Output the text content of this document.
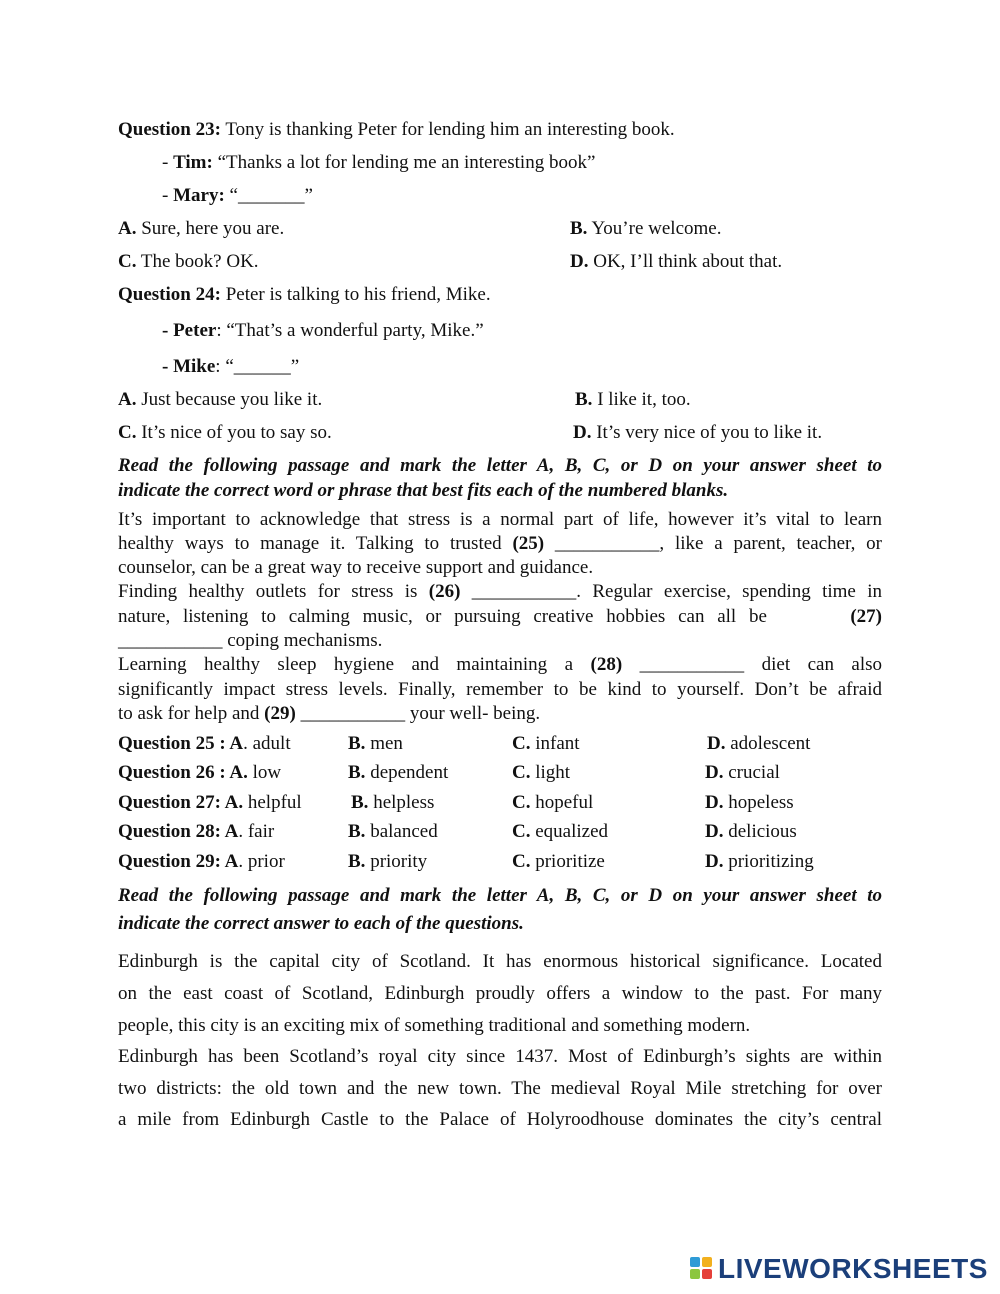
Question 23: Tony is thanking Peter for lending him an interesting book.
- Tim: “Thanks a lot for lending me an interesting book”
- Mary: “_______”
A. Sure, here you are.	B. You’re welcome.
C. The book? OK.	D. OK, I’ll think about that.
Question 24: Peter is talking to his friend, Mike.
- Peter: “That’s a wonderful party, Mike.”
- Mike: “______”
A. Just because you like it.	B. I like it, too.
C. It’s nice of you to say so.	D. It’s very nice of you to like it.
Read the following passage and mark the letter A, B, C, or D on your answer sheet to
indicate the correct word or phrase that best fits each of the numbered blanks.
It’s important to acknowledge that stress is a normal part of life, however it’s vital to learn
healthy ways to manage it. Talking to trusted (25) ___________, like a parent, teacher, or
counselor, can be a great way to receive support and guidance.
Finding healthy outlets for stress is (26) ___________. Regular exercise, spending time in
nature, listening to calming music, or pursuing creative hobbies can all be	(27)
___________ coping mechanisms.
Learning healthy sleep hygiene and maintaining a (28) ___________ diet can also
significantly impact stress levels. Finally, remember to be kind to yourself. Don’t be afraid
to ask for help and (29) ___________ your well- being.
Question 25 : A. adult	B. men	C. infant	D. adolescent
Question 26 : A. low	B. dependent	C. light	D. crucial
Question 27: A. helpful	B. helpless	C. hopeful	D. hopeless
Question 28: A. fair	B. balanced	C. equalized	D. delicious
Question 29: A. prior	B. priority	C. prioritize	D. prioritizing
Read the following passage and mark the letter A, B, C, or D on your answer sheet to
indicate the correct answer to each of the questions.
Edinburgh is the capital city of Scotland. It has enormous historical significance. Located
on the east coast of Scotland, Edinburgh proudly offers a window to the past. For many
people, this city is an exciting mix of something traditional and something modern.
Edinburgh has been Scotland’s royal city since 1437. Most of Edinburgh’s sights are within
two districts: the old town and the new town. The medieval Royal Mile stretching for over
a mile from Edinburgh Castle to the Palace of Holyroodhouse dominates the city’s central
LIVEWORKSHEETS
